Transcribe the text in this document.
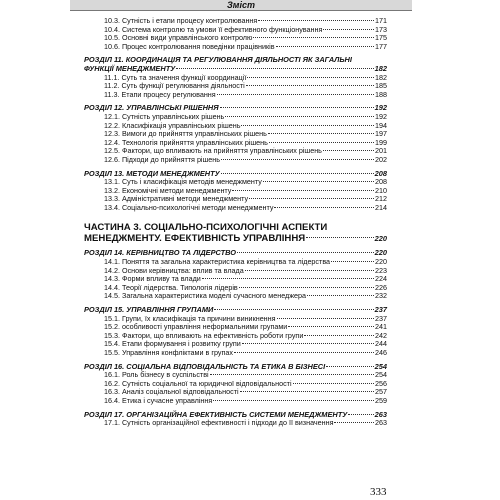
Зміст
10.3. Сутність і етапи процесу контролювання	171
10.4. Система контролю та умови її ефективного функціонування	173
10.5. Основні види управлінського контролю	175
10.6. Процес контролювання поведінки працівників	177
РОЗДІЛ 11. КООРДИНАЦІЯ ТА РЕГУЛЮВАННЯ ДІЯЛЬНОСТІ ЯК ЗАГАЛЬНІ
ФУНКЦІЇ МЕНЕДЖМЕНТУ	182
11.1. Суть та значення функції координації	182
11.2. Суть функції регулювання діяльності	185
11.3. Етапи процесу регулювання	188
РОЗДІЛ 12. УПРАВЛІНСЬКІ РІШЕННЯ	192
12.1. Сутність управлінських рішень	192
12.2. Класифікація управлінських рішень	194
12.3. Вимоги до прийняття управлінських рішень	197
12.4. Технологія прийняття управлінських рішень	199
12.5. Фактори, що впливають на прийняття управлінських рішень	201
12.6. Підходи до прийняття рішень	202
РОЗДІЛ 13. МЕТОДИ МЕНЕДЖМЕНТУ	208
13.1. Суть і класифікація методів менеджменту	208
13.2. Економічні методи менеджменту	210
13.3. Адміністративні методи менеджменту	212
13.4. Соціально-психологічні методи менеджменту	214
ЧАСТИНА 3. СОЦІАЛЬНО-ПСИХОЛОГІЧНІ АСПЕКТИ
МЕНЕДЖМЕНТУ. ЕФЕКТИВНІСТЬ УПРАВЛІННЯ	220
РОЗДІЛ 14. КЕРІВНИЦТВО ТА ЛІДЕРСТВО	220
14.1. Поняття та загальна характеристика керівництва та лідерства	220
14.2. Основи керівництва: вплив та влада	223
14.3. Форми впливу та влади	224
14.4. Теорії лідерства. Типологія лідерів	226
14.5. Загальна характеристика моделі сучасного менеджера	232
РОЗДІЛ 15. УПРАВЛІННЯ ГРУПАМИ	237
15.1. Групи, їх класифікація та причини виникнення	237
15.2. особливості управління неформальними групами	241
15.3. Фактори, що впливають на ефективність роботи групи	242
15.4. Етапи формування і розвитку групи	244
15.5. Управління конфліктами в групах	246
РОЗДІЛ 16. СОЦІАЛЬНА ВІДПОВІДАЛЬНІСТЬ ТА ЕТИКА В БІЗНЕСІ	254
16.1. Роль бізнесу в суспільстві	254
16.2. Сутність соціальної та юридичної відповідальності	256
16.3. Аналіз соціальної відповідальності	257
16.4. Етика і сучасне управління	259
РОЗДІЛ 17. ОРГАНІЗАЦІЙНА ЕФЕКТИВНІСТЬ СИСТЕМИ МЕНЕДЖМЕНТУ	263
17.1. Сутність організаційної ефективності і підходи до її визначення	263
333
